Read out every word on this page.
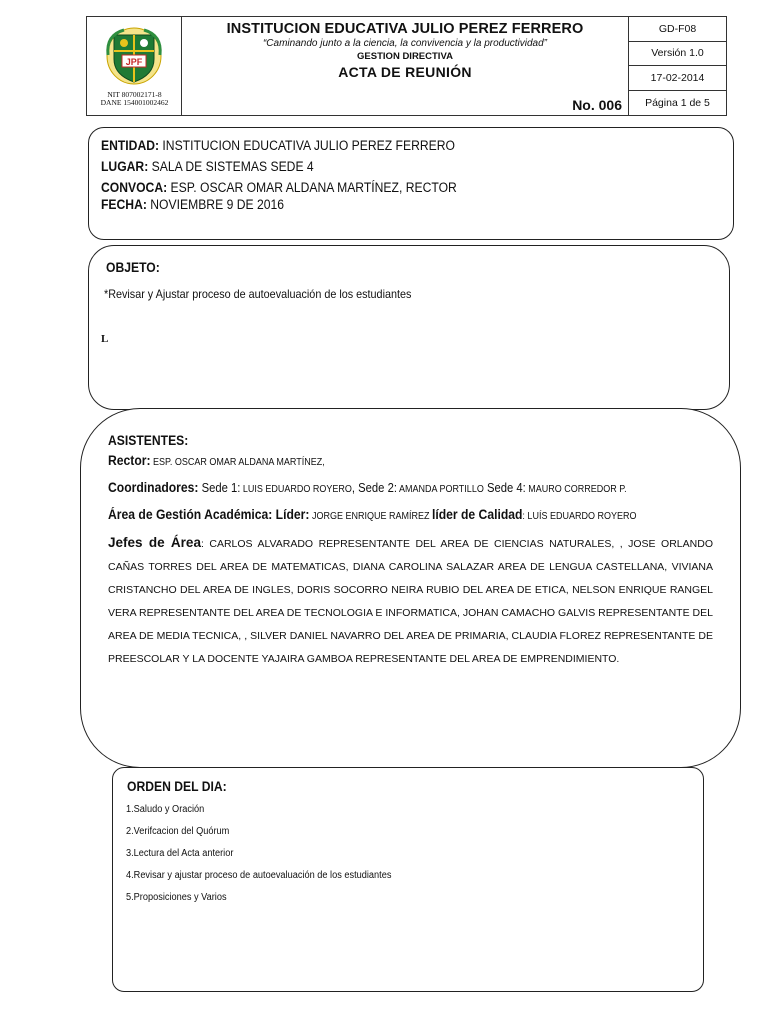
JPF
NIT 807002171-8
DANE 154001002462
INSTITUCION EDUCATIVA JULIO PEREZ FERRERO
“Caminando junto a la ciencia, la convivencia y la productividad”
GESTION DIRECTIVA
ACTA DE REUNIÓN
No. 006
GD-F08
Versión 1.0
17-02-2014
Página 1 de 5
ENTIDAD: INSTITUCION EDUCATIVA JULIO PEREZ FERRERO
LUGAR: SALA DE SISTEMAS SEDE 4
CONVOCA: ESP. OSCAR OMAR ALDANA MARTÍNEZ, RECTOR
FECHA: NOVIEMBRE 9 DE 2016
OBJETO:
*Revisar y Ajustar proceso de autoevaluación de los estudiantes
L
ASISTENTES:
Rector: ESP. OSCAR OMAR ALDANA MARTÍNEZ,
Coordinadores: Sede 1: LUIS EDUARDO ROYERO, Sede 2: AMANDA PORTILLO Sede 4: MAURO CORREDOR P.
Área de Gestión Académica: Líder: JORGE ENRIQUE RAMÍREZ líder de Calidad: LUÍS EDUARDO ROYERO
Jefes de Área: CARLOS ALVARADO REPRESENTANTE DEL AREA DE CIENCIAS NATURALES, , JOSE ORLANDO CAÑAS TORRES DEL AREA DE MATEMATICAS, DIANA CAROLINA SALAZAR AREA DE LENGUA CASTELLANA, VIVIANA CRISTANCHO DEL AREA DE INGLES, DORIS SOCORRO NEIRA RUBIO DEL AREA DE ETICA, NELSON ENRIQUE RANGEL VERA REPRESENTANTE DEL AREA DE TECNOLOGIA E INFORMATICA, JOHAN CAMACHO GALVIS REPRESENTANTE DEL AREA DE MEDIA TECNICA, , SILVER DANIEL NAVARRO DEL AREA DE PRIMARIA, CLAUDIA FLOREZ REPRESENTANTE DE PREESCOLAR Y LA DOCENTE YAJAIRA GAMBOA REPRESENTANTE DEL AREA DE EMPRENDIMIENTO.
ORDEN DEL DIA:
1.Saludo y Oración
2.Verifcacion del Quórum
3.Lectura del Acta anterior
4.Revisar y ajustar proceso de autoevaluación de los estudiantes
5.Proposiciones y Varios
